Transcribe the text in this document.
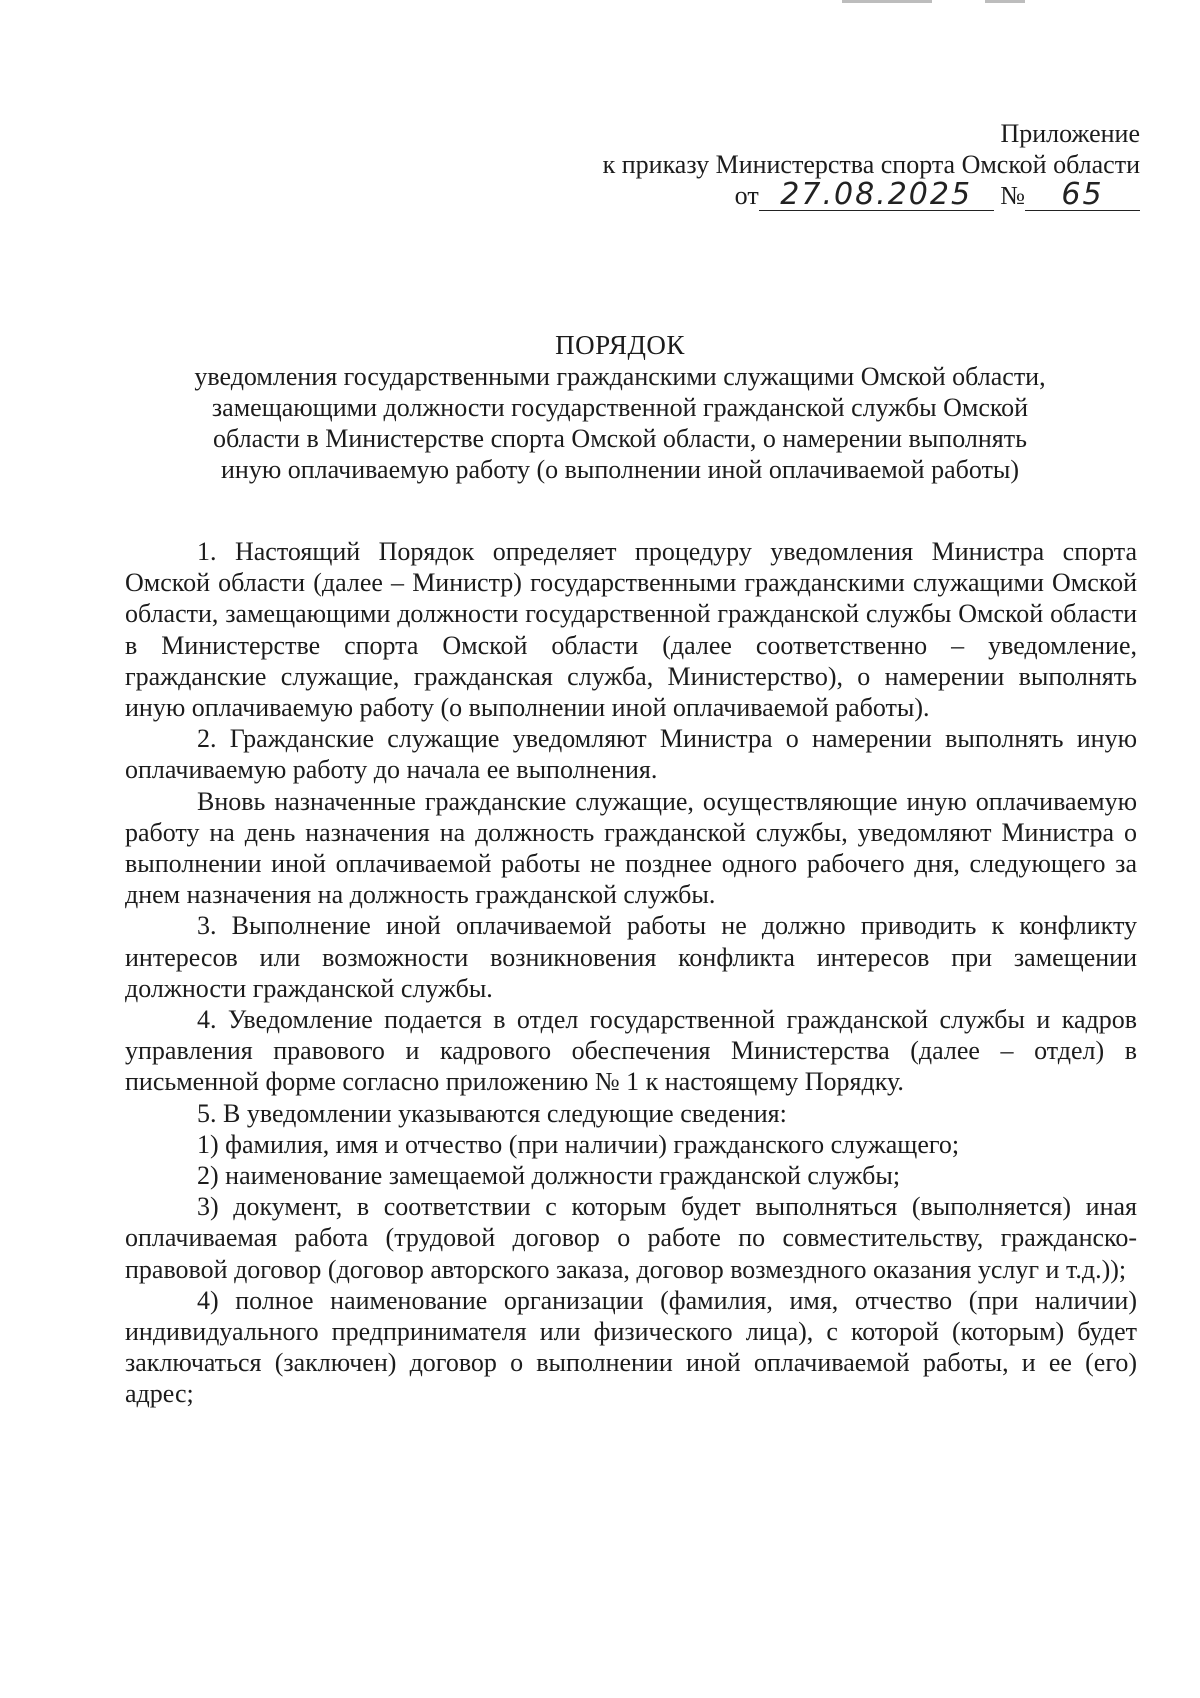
Приложение
к приказу Министерства спорта Омской области
от 27.08.2025 № 65
ПОРЯДОК
уведомления государственными гражданскими служащими Омской области,
замещающими должности государственной гражданской службы Омской
области в Министерстве спорта Омской области, о намерении выполнять
иную оплачиваемую работу (о выполнении иной оплачиваемой работы)

1. Настоящий Порядок определяет процедуру уведомления Министра спорта Омской области (далее – Министр) государственными гражданскими служащими Омской области, замещающими должности государственной гражданской службы Омской области в Министерстве спорта Омской области (далее соответственно – уведомление, гражданские служащие, гражданская служба, Министерство), о намерении выполнять иную оплачиваемую работу (о выполнении иной оплачиваемой работы).

2. Гражданские служащие уведомляют Министра о намерении выполнять иную оплачиваемую работу до начала ее выполнения.

Вновь назначенные гражданские служащие, осуществляющие иную оплачиваемую работу на день назначения на должность гражданской службы, уведомляют Министра о выполнении иной оплачиваемой работы не позднее одного рабочего дня, следующего за днем назначения на должность гражданской службы.

3. Выполнение иной оплачиваемой работы не должно приводить к конфликту интересов или возможности возникновения конфликта интересов при замещении должности гражданской службы.

4. Уведомление подается в отдел государственной гражданской службы и кадров управления правового и кадрового обеспечения Министерства (далее – отдел) в письменной форме согласно приложению № 1 к настоящему Порядку.

5. В уведомлении указываются следующие сведения:

1) фамилия, имя и отчество (при наличии) гражданского служащего;

2) наименование замещаемой должности гражданской службы;

3) документ, в соответствии с которым будет выполняться (выполняется) иная оплачиваемая работа (трудовой договор о работе по совместительству, гражданско-правовой договор (договор авторского заказа, договор возмездного оказания услуг и т.д.));

4) полное наименование организации (фамилия, имя, отчество (при наличии) индивидуального предпринимателя или физического лица), с которой (которым) будет заключаться (заключен) договор о выполнении иной оплачиваемой работы, и ее (его) адрес;
